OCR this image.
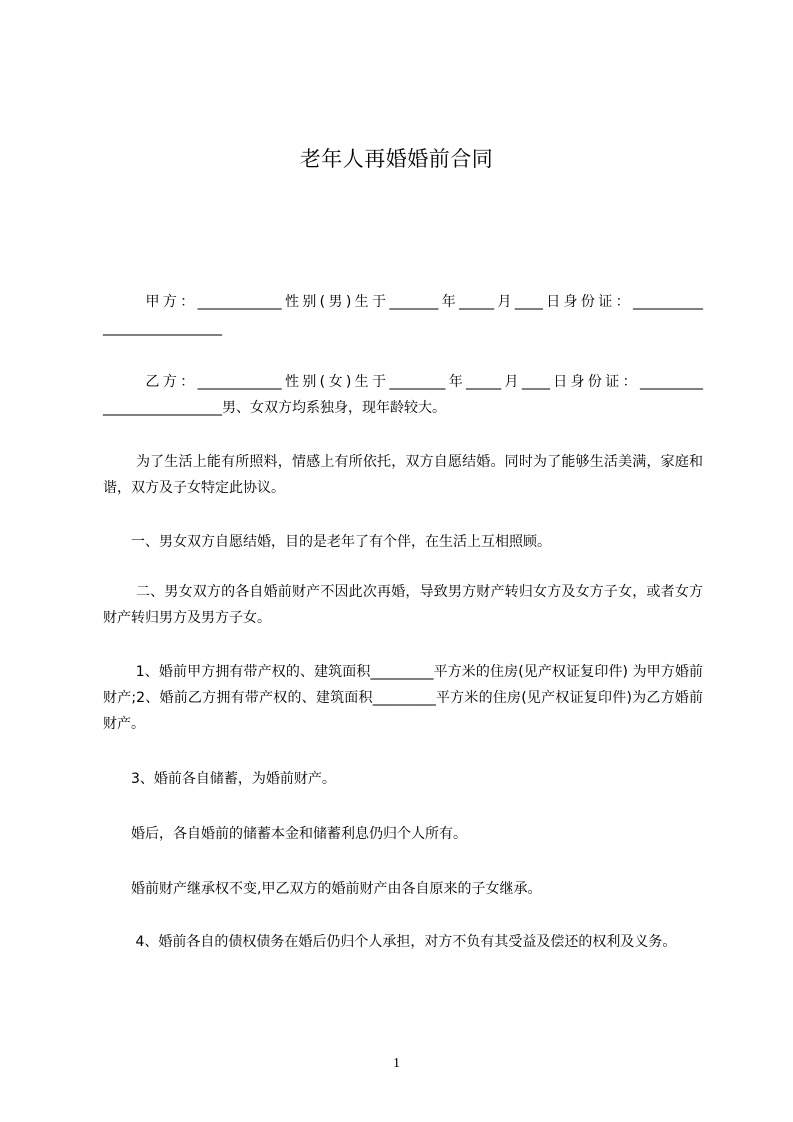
老年人再婚婚前合同

　　 甲方：____________性别(男)生于_______年_____月____日身份证：__________ _________________

　　 乙方：____________性别(女)生于________年_____月____日身份证：_________ _________________男、女双方均系独身，现年龄较大。

　　 为了生活上能有所照料，情感上有所依托，双方自愿结婚。同时为了能够生活美满，家庭和谐，双方及子女特定此协议。

　　一、男女双方自愿结婚，目的是老年了有个伴，在生活上互相照顾。

　　 二、男女双方的各自婚前财产不因此次再婚，导致男方财产转归女方及女方子女，或者女方财产转归男方及男方子女。

　　 1、婚前甲方拥有带产权的、建筑面积_________平方米的住房(见产权证复印件) 为甲方婚前财产;2、婚前乙方拥有带产权的、建筑面积_________平方米的住房(见产权证复印件)为乙方婚前财产。

　　3、婚前各自储蓄，为婚前财产。

　　婚后，各自婚前的储蓄本金和储蓄利息仍归个人所有。

　　婚前财产继承权不变,甲乙双方的婚前财产由各自原来的子女继承。

　　 4、婚前各自的债权债务在婚后仍归个人承担，对方不负有其受益及偿还的权利及义务。

1
